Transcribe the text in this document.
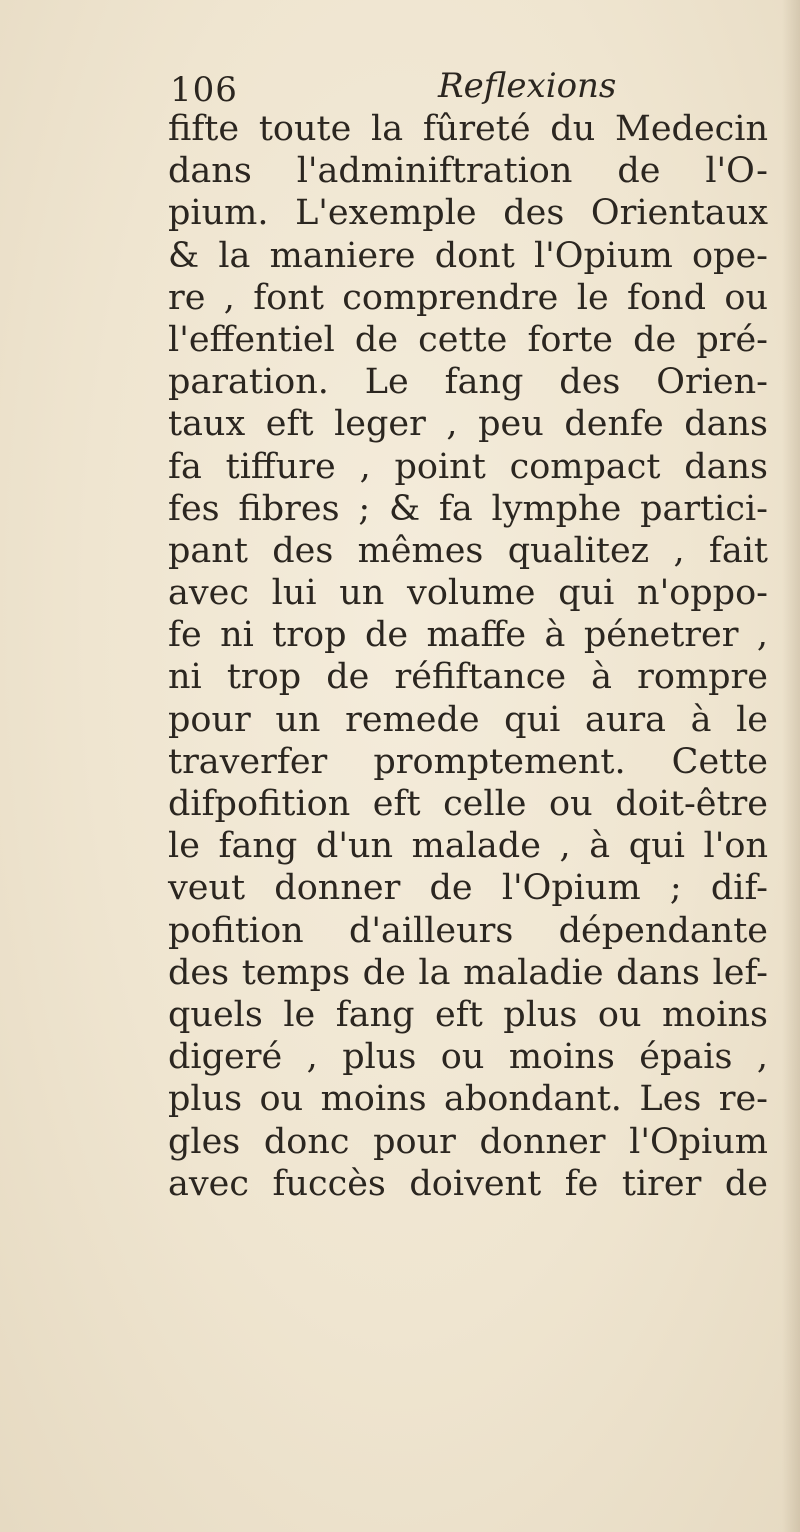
106	Reflexions
fifte toute la fûreté du Medecin
dans l'adminiftration de l'O-
pium. L'exemple des Orientaux
& la maniere dont l'Opium ope-
re , font comprendre le fond ou
l'effentiel de cette forte de pré-
paration. Le fang des Orien-
taux eft leger , peu denfe dans
fa tiffure , point compact dans
fes fibres ; & fa lymphe partici-
pant des mêmes qualitez , fait
avec lui un volume qui n'oppo-
fe ni trop de maffe à pénetrer ,
ni trop de réfiftance à rompre
pour un remede qui aura à le
traverfer promptement. Cette
difpofition eft celle ou doit-être
le fang d'un malade , à qui l'on
veut donner de l'Opium ; dif-
pofition d'ailleurs dépendante
des temps de la maladie dans lef-
quels le fang eft plus ou moins
digeré , plus ou moins épais ,
plus ou moins abondant. Les re-
gles donc pour donner l'Opium
avec fuccès doivent fe tirer de
